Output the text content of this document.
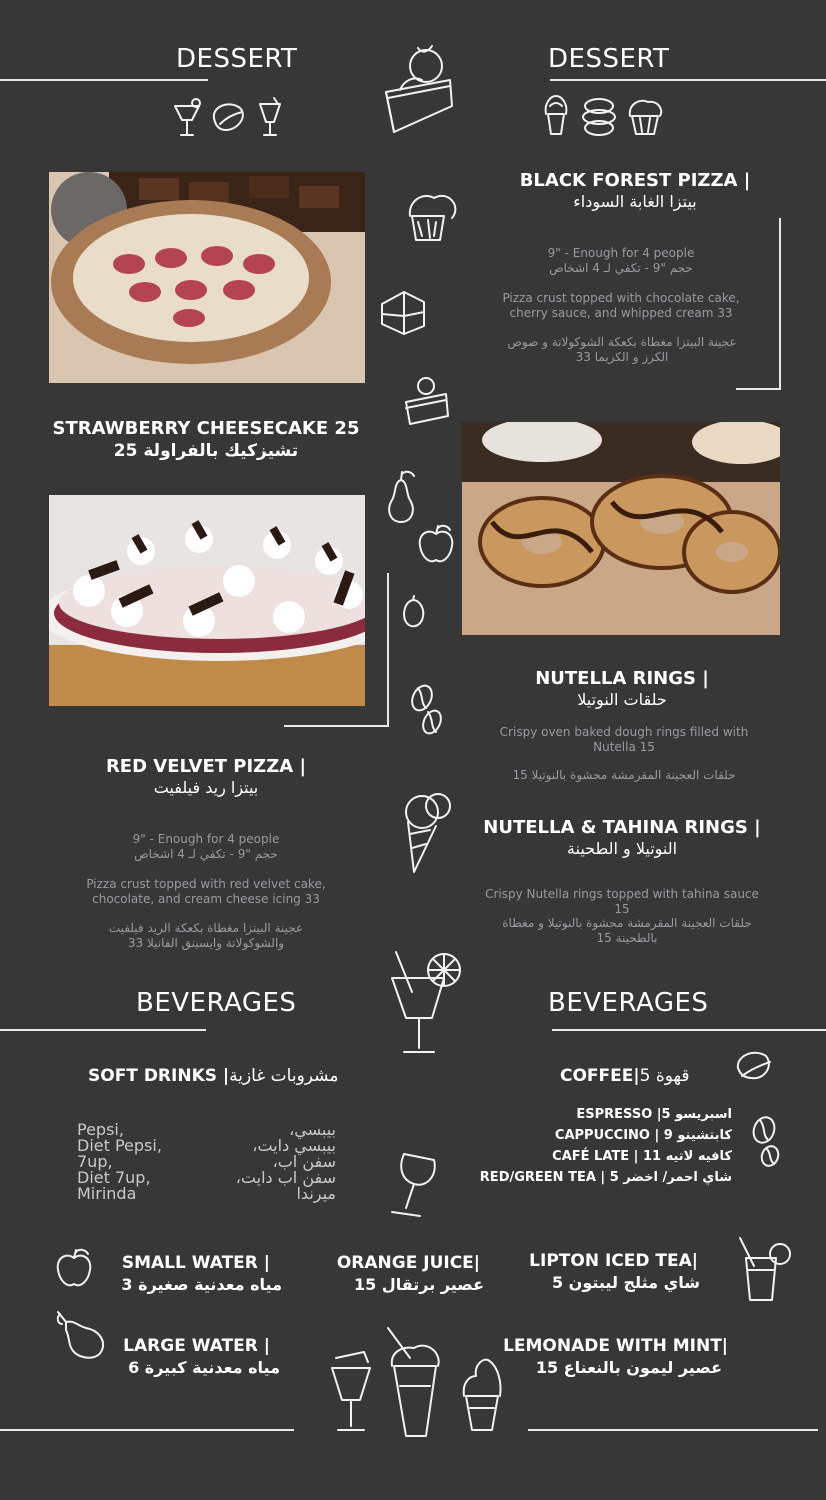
DESSERT	DESSERT
STRAWBERRY CHEESECAKE 25
تشيزكيك بالفراولة 25
RED VELVET PIZZA |
بيتزا ريد فيلفيت
9" - Enough for 4 people
حجم "9 - تكفي لـ 4 اشخاص
Pizza crust topped with red velvet cake, chocolate, and cream cheese icing 33
عجينة البيتزا مغطاة بكعكة الريد فيلفيت والشوكولاتة وايسينق الفانيلا 33
BLACK FOREST PIZZA |
بيتزا الغابة السوداء
9" - Enough for 4 people
حجم "9 - تكفي لـ 4 اشخاص
Pizza crust topped with chocolate cake, cherry sauce, and whipped cream 33
عجينة البيتزا مغطاة بكعكة الشوكولاتة و صوص الكرز و الكريما 33
NUTELLA RINGS |
حلقات النوتيلا
Crispy oven baked dough rings filled with Nutella 15
حلقات العجينة المقرمشة محشوة بالنوتيلا 15
NUTELLA & TAHINA RINGS |
النوتيلا و الطحينة
Crispy Nutella rings topped with tahina sauce 15
حلقات العجينة المقرمشة محشوة بالنوتيلا و مغطاة بالطحينة 15
BEVERAGES	BEVERAGES
SOFT DRINKS |مشروبات غازية
Pepsi,
Diet Pepsi,
7up,
Diet 7up,
Mirinda
بيبسي،
بيبسي دايت،
سفن اب،
سفن اب دايت،
ميرندا
COFFEE|قهوة 5
ESPRESSO |اسبريسو 5
CAPPUCCINO | كابتشينو 9
CAFÉ LATE | كافيه لاتيه 11
RED/GREEN TEA | شاي احمر/ اخضر 5
SMALL WATER |
مياه معدنية صغيرة 3
ORANGE JUICE|
عصير برتقال 15
LIPTON ICED TEA|
شاي مثلج ليبتون 5
LARGE WATER |
مياه معدنية كبيرة 6
LEMONADE WITH MINT|
عصير ليمون بالنعناع 15
